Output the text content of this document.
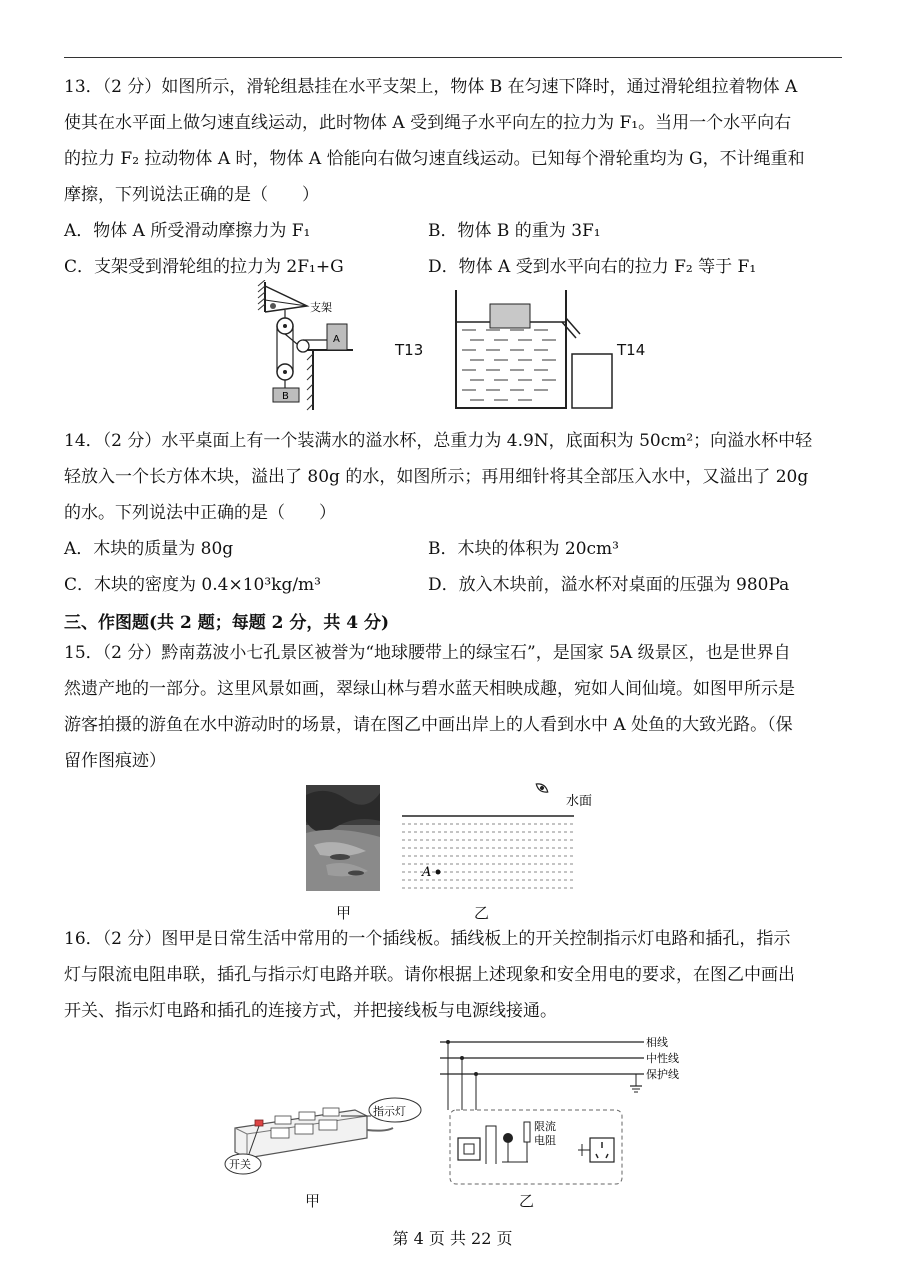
13．（2 分）如图所示，滑轮组悬挂在水平支架上，物体 B 在匀速下降时，通过滑轮组拉着物体 A
使其在水平面上做匀速直线运动，此时物体 A 受到绳子水平向左的拉力为 F₁。当用一个水平向右
的拉力 F₂ 拉动物体 A 时，物体 A 恰能向右做匀速直线运动。已知每个滑轮重均为 G，不计绳重和
摩擦，下列说法正确的是（　　）
A．物体 A 所受滑动摩擦力为 F₁	B．物体 B 的重为 3F₁
C．支架受到滑轮组的拉力为 2F₁+G	D．物体 A 受到水平向右的拉力 F₂ 等于 F₁
支架
B
A
T13	T14
14．（2 分）水平桌面上有一个装满水的溢水杯，总重力为 4.9N，底面积为 50cm²；向溢水杯中轻
轻放入一个长方体木块，溢出了 80g 的水，如图所示；再用细针将其全部压入水中，又溢出了 20g
的水。下列说法中正确的是（　　）
A．木块的质量为 80g	B．木块的体积为 20cm³
C．木块的密度为 0.4×10³kg/m³	D．放入木块前，溢水杯对桌面的压强为 980Pa
三、作图题(共 2 题；每题 2 分，共 4 分)
15．（2 分）黔南荔波小七孔景区被誉为“地球腰带上的绿宝石”，是国家 5A 级景区，也是世界自
然遗产地的一部分。这里风景如画，翠绿山林与碧水蓝天相映成趣，宛如人间仙境。如图甲所示是
游客拍摄的游鱼在水中游动时的场景，请在图乙中画出岸上的人看到水中 A 处鱼的大致光路。（保
留作图痕迹）
甲
水面
A
乙
16．（2 分）图甲是日常生活中常用的一个插线板。插线板上的开关控制指示灯电路和插孔，指示
灯与限流电阻串联，插孔与指示灯电路并联。请你根据上述现象和安全用电的要求，在图乙中画出
开关、指示灯电路和插孔的连接方式，并把接线板与电源线接通。
指示灯
开关
甲
相线
中性线
保护线
限流
电阻
乙
第 4 页 共 22 页
